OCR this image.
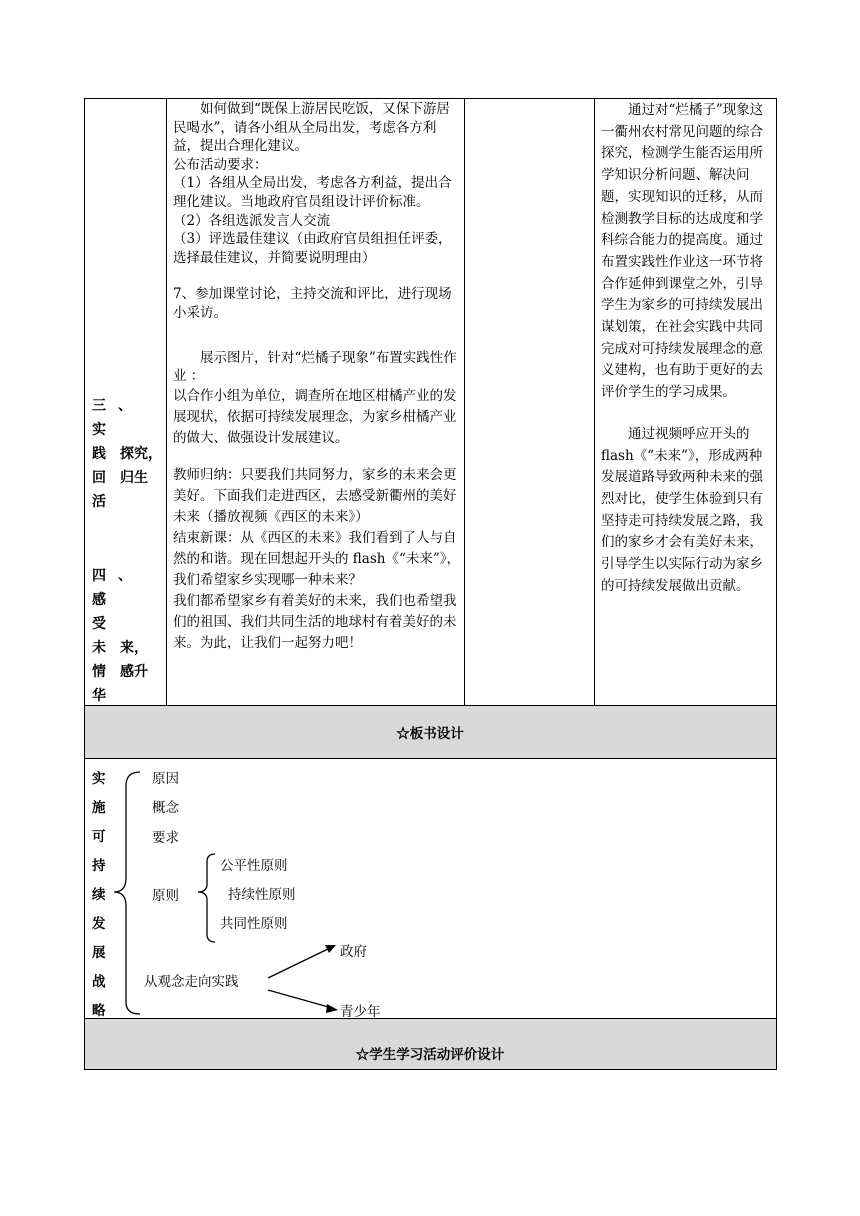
三、实
践　探究，
回　归生
活
四、感
受
未　来，
情　感升
华

如何做到“既保上游居民吃饭，又保下游居民喝水”，请各小组从全局出发，考虑各方利益，提出合理化建议。

公布活动要求：

（1）各组从全局出发，考虑各方利益，提出合理化建议。当地政府官员组设计评价标准。

（2）各组选派发言人交流

（3）评选最佳建议（由政府官员组担任评委，选择最佳建议，并简要说明理由）

7、参加课堂讨论，主持交流和评比，进行现场小采访。

展示图片，针对“烂橘子现象”布置实践性作业 ：

以合作小组为单位，调查所在地区柑橘产业的发展现状，依据可持续发展理念，为家乡柑橘产业的做大、做强设计发展建议。

教师归纳：只要我们共同努力，家乡的未来会更美好。下面我们走进西区，去感受新衢州的美好未来（播放视频《西区的未来》）

结束新课：从《西区的未来》我们看到了人与自然的和谐。现在回想起开头的 flash《“未来”》，我们希望家乡实现哪一种未来？

我们都希望家乡有着美好的未来，我们也希望我们的祖国、我们共同生活的地球村有着美好的未来。为此，让我们一起努力吧！

通过对“烂橘子”现象这一衢州农村常见问题的综合探究，检测学生能否运用所学知识分析问题、解决问题，实现知识的迁移，从而检测教学目标的达成度和学科综合能力的提高度。通过布置实践性作业这一环节将合作延伸到课堂之外，引导学生为家乡的可持续发展出谋划策，在社会实践中共同完成对可持续发展理念的意义建构，也有助于更好的去评价学生的学习成果。

通过视频呼应开头的 flash《“未来”》，形成两种发展道路导致两种未来的强烈对比，使学生体验到只有坚持走可持续发展之路，我们的家乡才会有美好未来，引导学生以实际行动为家乡的可持续发展做出贡献。

☆板书设计
实
施
可
持
续
发
展
战
略
原因
概念
要求
原则
公平性原则
持续性原则
共同性原则
从观念走向实践
政府
青少年
☆学生学习活动评价设计
